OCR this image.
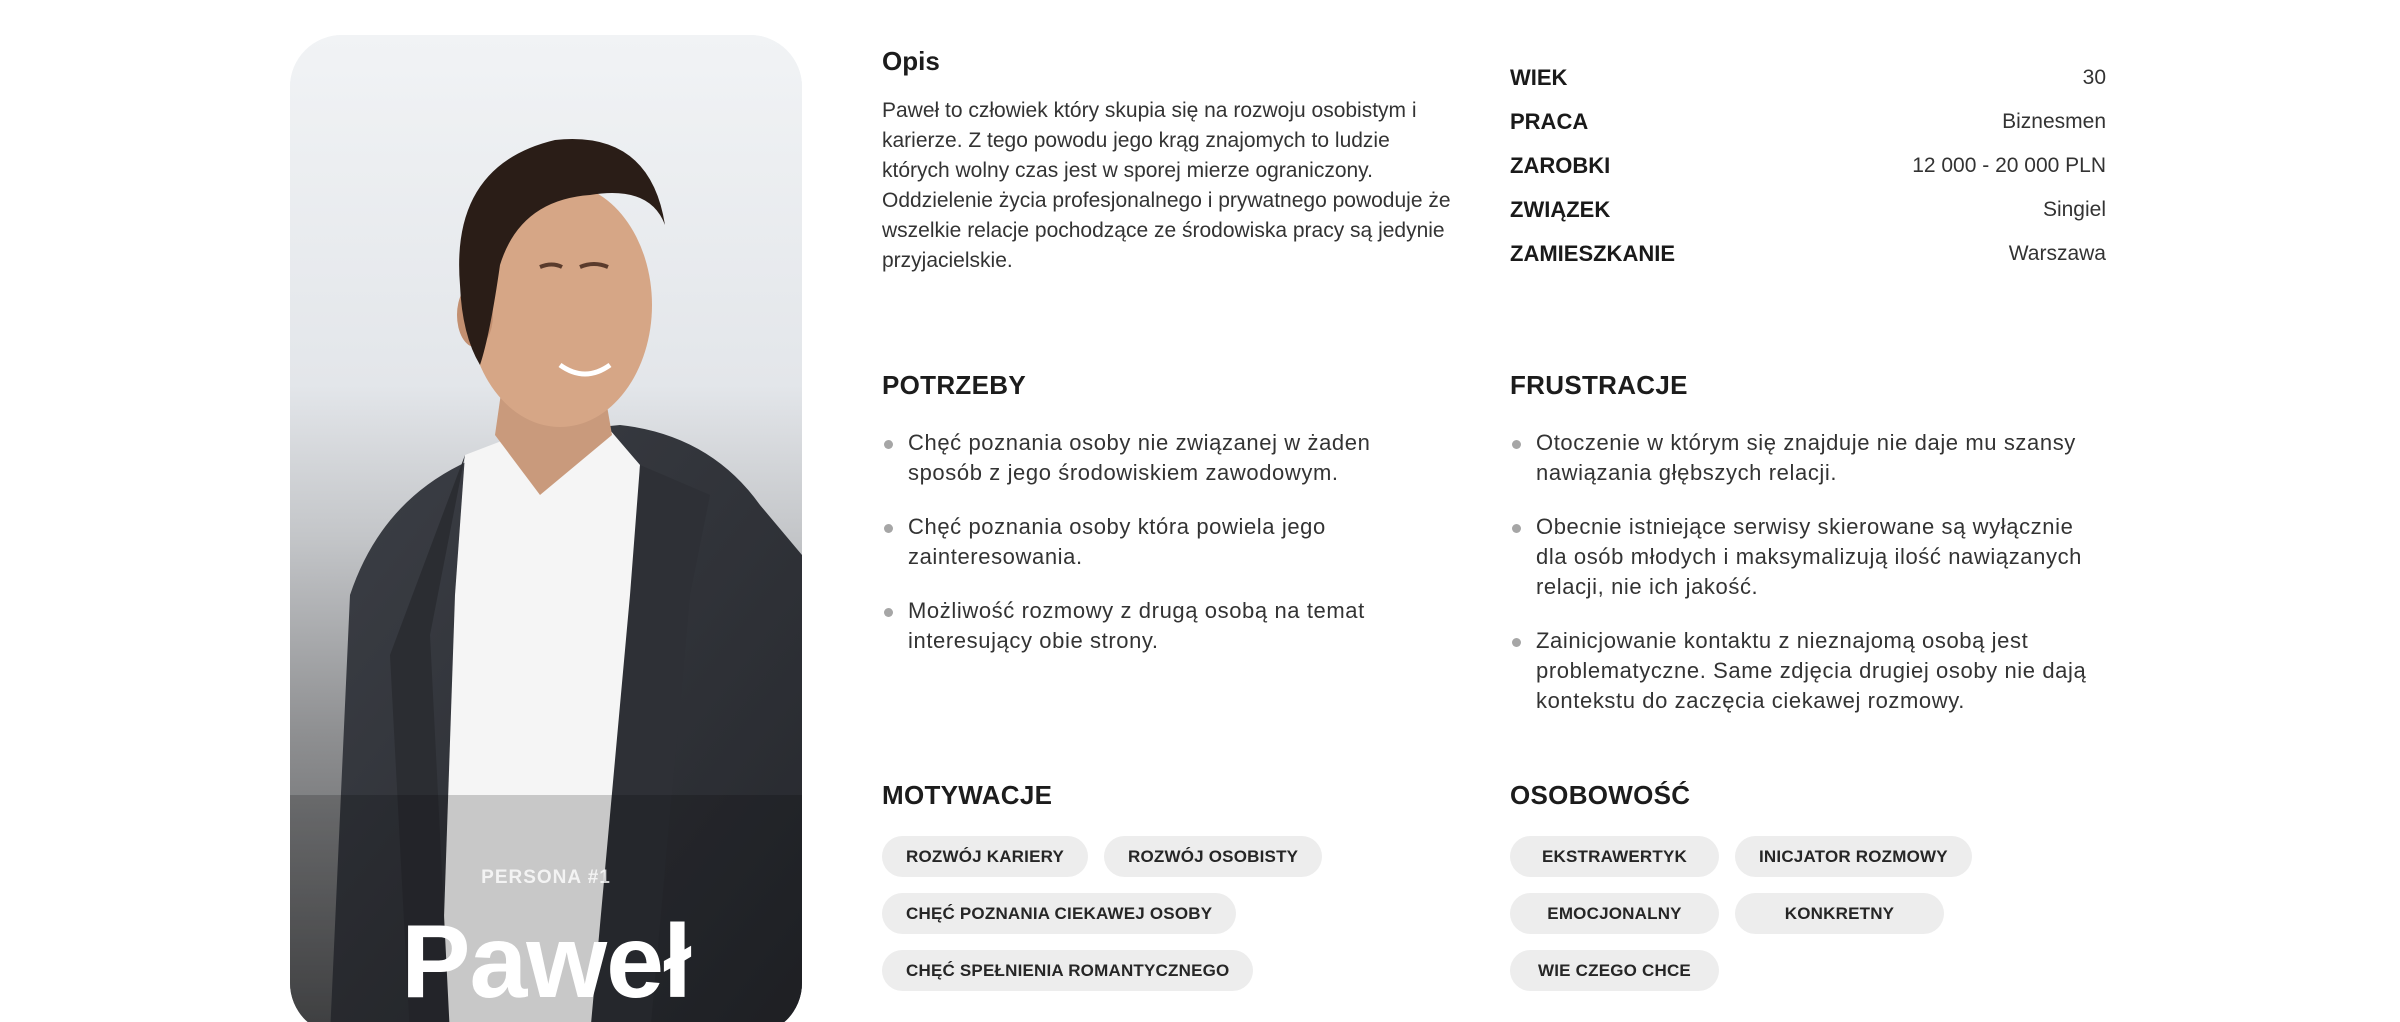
PERSONA #1
Paweł
Opis
Paweł to człowiek który skupia się na rozwoju osobistym i karierze. Z tego powodu jego krąg znajomych to ludzie których wolny czas jest w sporej mierze ograniczony. Oddzielenie życia profesjonalnego i prywatnego powoduje że wszelkie relacje pochodzące ze środowiska pracy są jedynie przyjacielskie.
WIEK	30
PRACA	Biznesmen
ZAROBKI	12 000 - 20 000 PLN
ZWIĄZEK	Singiel
ZAMIESZKANIE	Warszawa
POTRZEBY
Chęć poznania osoby nie związanej w żaden sposób z jego środowiskiem zawodowym.
Chęć poznania osoby która powiela jego zainteresowania.
Możliwość rozmowy z drugą osobą na temat interesujący obie strony.
FRUSTRACJE
Otoczenie w którym się znajduje nie daje mu szansy nawiązania głębszych relacji.
Obecnie istniejące serwisy skierowane są wyłącznie dla osób młodych i maksymalizują ilość nawiązanych relacji, nie ich jakość.
Zainicjowanie kontaktu z nieznajomą osobą jest problematyczne. Same zdjęcia drugiej osoby nie dają kontekstu do zaczęcia ciekawej rozmowy.
MOTYWACJE
ROZWÓJ KARIERY	ROZWÓJ OSOBISTY
CHĘĆ POZNANIA CIEKAWEJ OSOBY
CHĘĆ SPEŁNIENIA ROMANTYCZNEGO
OSOBOWOŚĆ
EKSTRAWERTYK	INICJATOR ROZMOWY
EMOCJONALNY	KONKRETNY
WIE CZEGO CHCE
